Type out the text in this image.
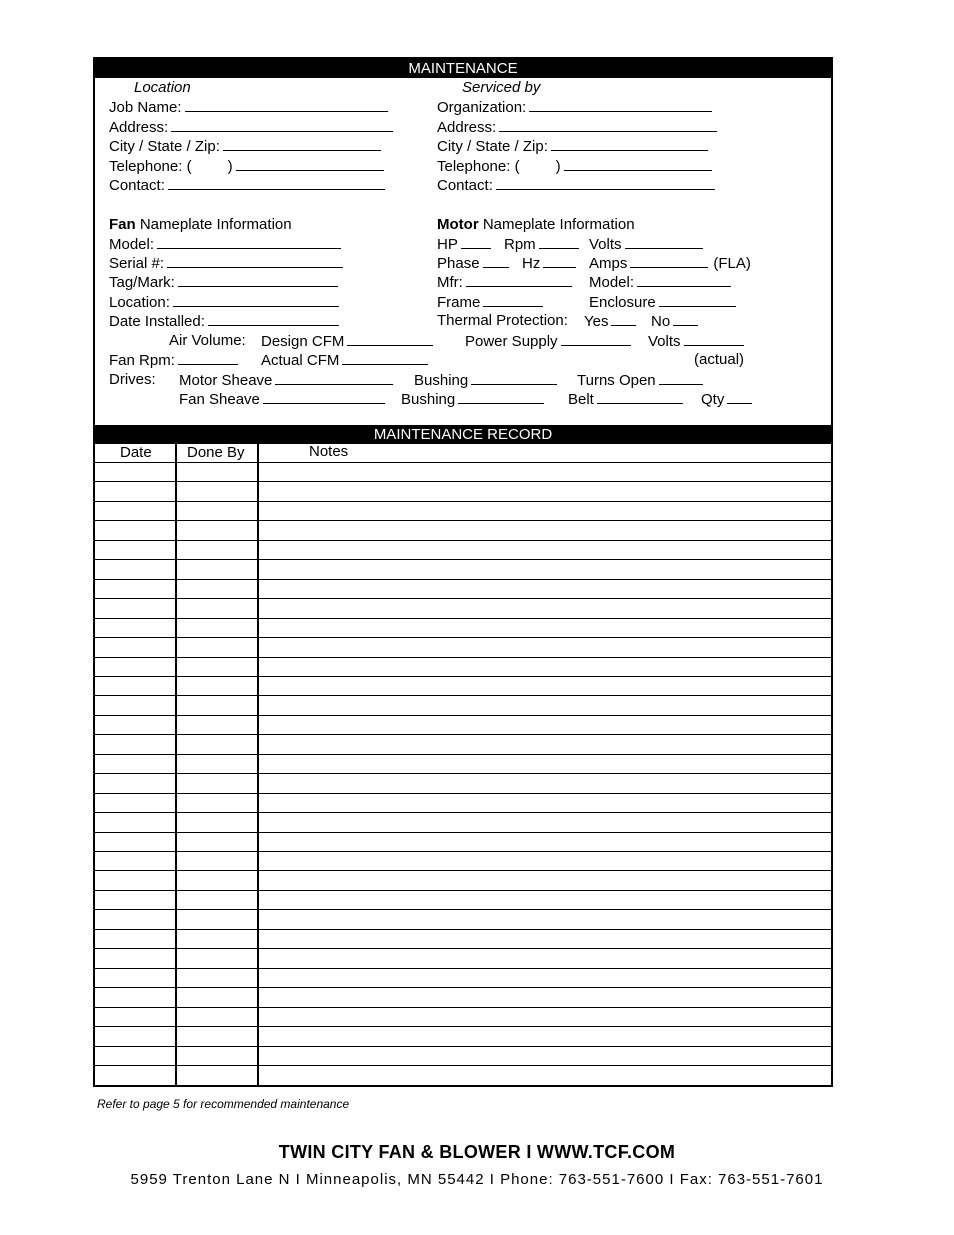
MAINTENANCE
Location
Job Name:
Address:
City / State / Zip:
Telephone: ( )
Contact:
Serviced by
Organization:
Address:
City / State / Zip:
Telephone: ( )
Contact:
Fan Nameplate Information
Model:
Serial #:
Tag/Mark:
Location:
Date Installed:
Air Volume: Design CFM
Fan Rpm:	Actual CFM
Motor Nameplate Information
HP	Rpm	Volts
Phase	Hz	Amps	(FLA)
Mfr:	Model:
Frame	Enclosure
Thermal Protection: Yes	No
Power Supply	Volts
(actual)
Drives: Motor Sheave	Bushing	Turns Open
Fan Sheave	Bushing	Belt	Qty
MAINTENANCE RECORD
Date Done By	Notes
Refer to page 5 for recommended maintenance
TWIN CITY FAN & BLOWER I WWW.TCF.COM
5959 Trenton Lane N I Minneapolis, MN 55442 I Phone: 763-551-7600 I Fax: 763-551-7601
